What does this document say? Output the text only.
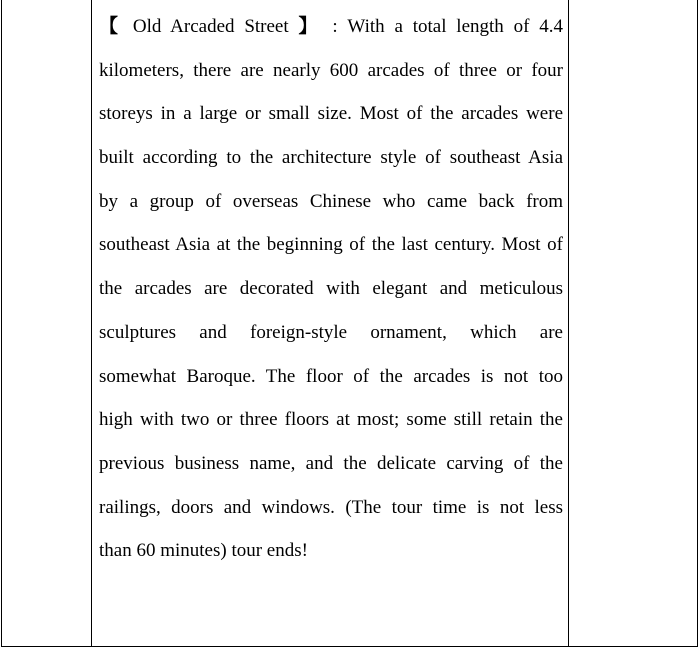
【 Old Arcaded Street 】 : With a total length of 4.4
kilometers, there are nearly 600 arcades of three or four
storeys in a large or small size. Most of the arcades were
built according to the architecture style of southeast Asia
by a group of overseas Chinese who came back from
southeast Asia at the beginning of the last century. Most of
the arcades are decorated with elegant and meticulous
sculptures and foreign-style ornament, which are
somewhat Baroque. The floor of the arcades is not too
high with two or three floors at most; some still retain the
previous business name, and the delicate carving of the
railings, doors and windows. (The tour time is not less
than 60 minutes) tour ends!
